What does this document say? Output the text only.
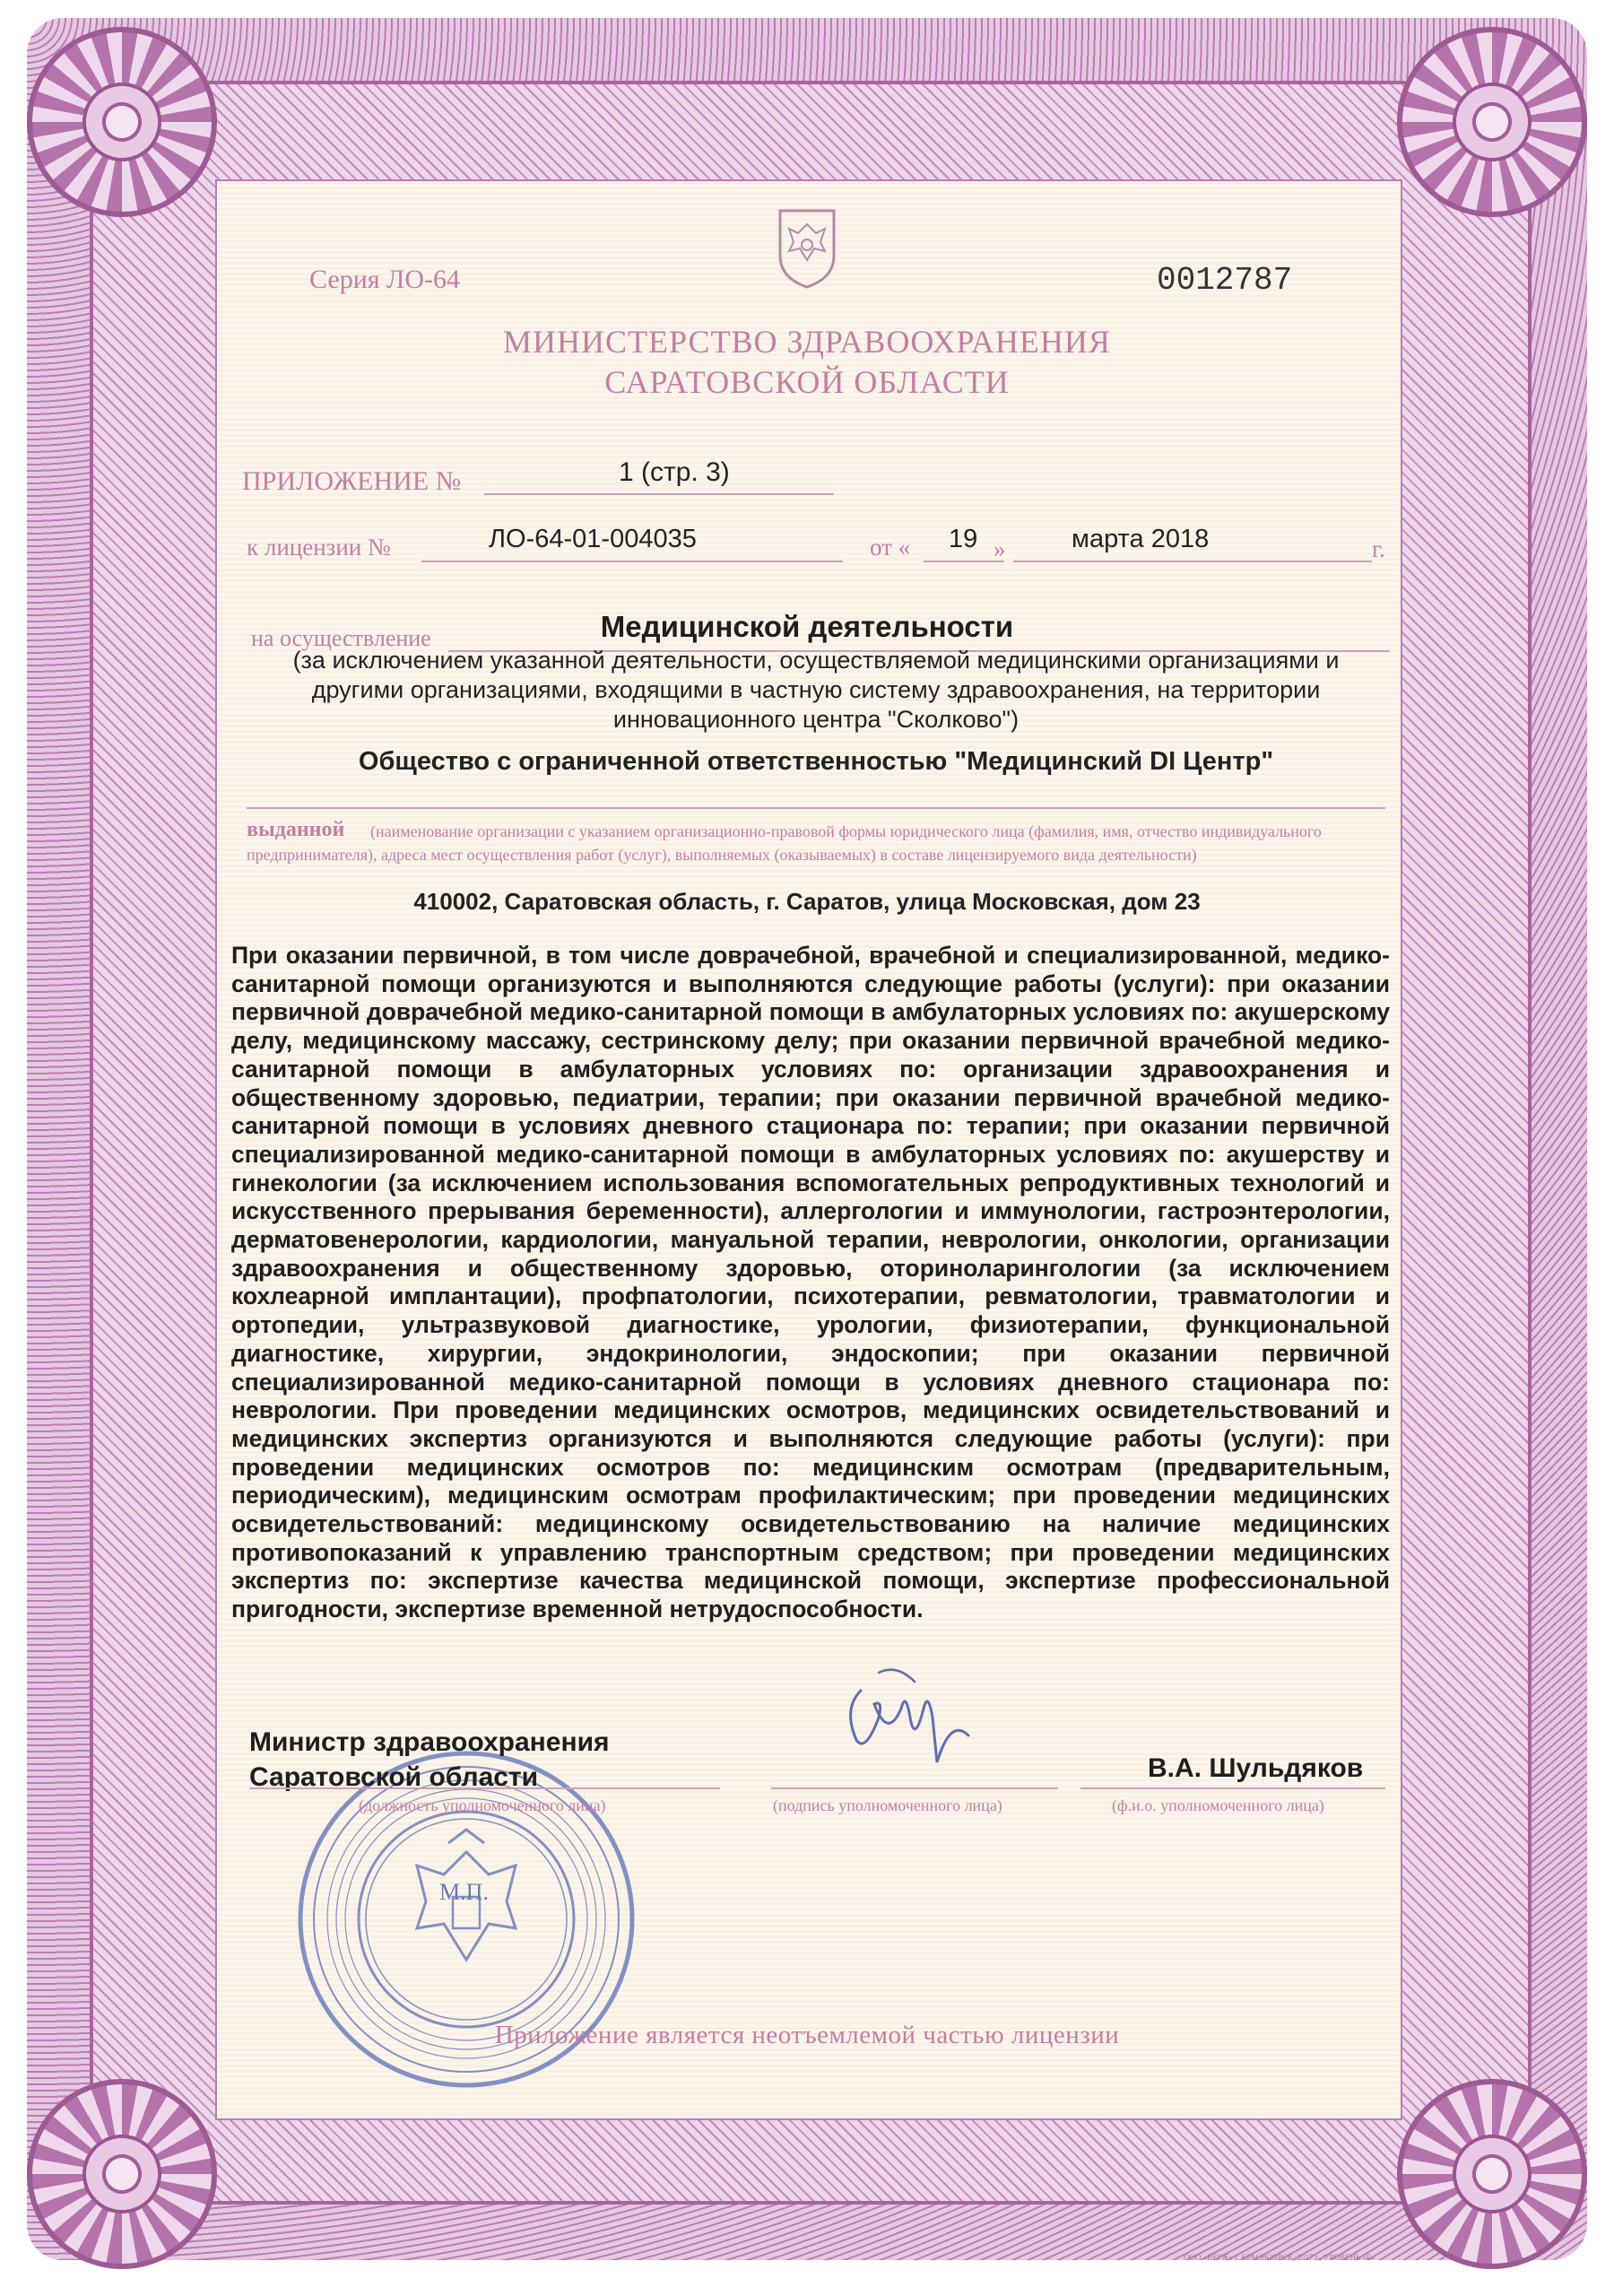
Серия ЛО-64	0012787
МИНИСТЕРСТВО ЗДРАВООХРАНЕНИЯ
САРАТОВСКОЙ ОБЛАСТИ
ПРИЛОЖЕНИЕ №	1 (стр. 3)
к лицензии №	ЛО-64-01-004035	от « 19 »	марта 2018	г.
на осуществление	Медицинской деятельности
(за исключением указанной деятельности, осуществляемой медицинскими организациями и другими организациями, входящими в частную систему здравоохранения, на территории инновационного центра "Сколково")
Общество с ограниченной ответственностью "Медицинский DI Центр"
(наименование организации с указанием организационно-правовой формы юридического лица (фамилия, имя, отчество индивидуального предпринимателя), адреса мест осуществления работ (услуг), выполняемых (оказываемых) в составе лицензируемого вида деятельности)
выданной
410002, Саратовская область, г. Саратов, улица Московская, дом 23
При оказании первичной, в том числе доврачебной, врачебной и специализированной, медико-санитарной помощи организуются и выполняются следующие работы (услуги): при оказании первичной доврачебной медико-санитарной помощи в амбулаторных условиях по: акушерскому делу, медицинскому массажу, сестринскому делу; при оказании первичной врачебной медико-санитарной помощи в амбулаторных условиях по: организации здравоохранения и общественному здоровью, педиатрии, терапии; при оказании первичной врачебной медико-санитарной помощи в условиях дневного стационара по: терапии; при оказании первичной специализированной медико-санитарной помощи в амбулаторных условиях по: акушерству и гинекологии (за исключением использования вспомогательных репродуктивных технологий и искусственного прерывания беременности), аллергологии и иммунологии, гастроэнтерологии, дерматовенерологии, кардиологии, мануальной терапии, неврологии, онкологии, организации здравоохранения и общественному здоровью, оториноларингологии (за исключением кохлеарной имплантации), профпатологии, психотерапии, ревматологии, травматологии и ортопедии, ультразвуковой диагностике, урологии, физиотерапии, функциональной диагностике, хирургии, эндокринологии, эндоскопии; при оказании первичной специализированной медико-санитарной помощи в условиях дневного стационара по: неврологии. При проведении медицинских осмотров, медицинских освидетельствований и медицинских экспертиз организуются и выполняются следующие работы (услуги): при проведении медицинских осмотров по: медицинским осмотрам (предварительным, периодическим), медицинским осмотрам профилактическим; при проведении медицинских освидетельствований: медицинскому освидетельствованию на наличие медицинских противопоказаний к управлению транспортным средством; при проведении медицинских экспертиз по: экспертизе качества медицинской помощи, экспертизе профессиональной пригодности, экспертизе временной нетрудоспособности.
М.П.
Министр здравоохранения
Саратовской области
(должность уполномоченного лица)	(подпись уполномоченного лица)	(ф.и.о. уполномоченного лица)
В.А. Шульдяков
Приложение является неотъемлемой частью лицензии
ООО «ВЕРЖ» г. КРАСНОЯРСК, 2017 г., УРОВЕНЬ «Б»
